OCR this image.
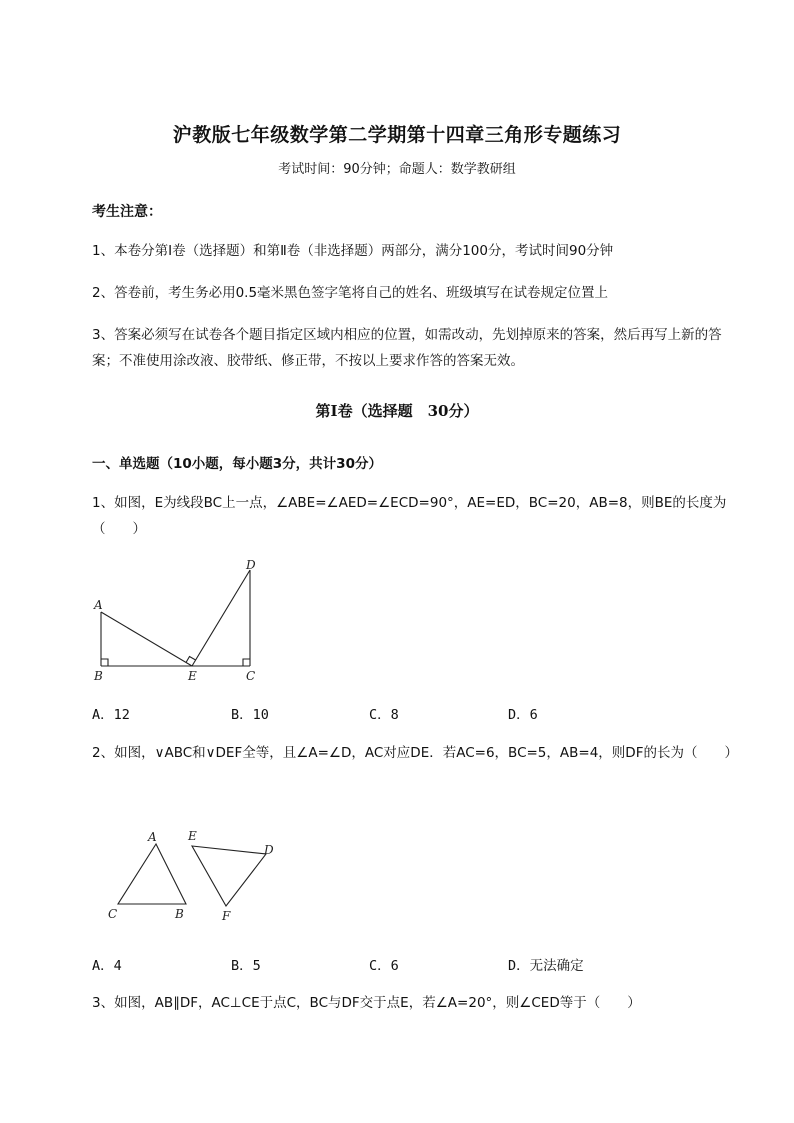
沪教版七年级数学第二学期第十四章三角形专题练习

考试时间：90分钟；命题人：数学教研组

考生注意：

1、本卷分第I卷（选择题）和第Ⅱ卷（非选择题）两部分，满分100分，考试时间90分钟

2、答卷前，考生务必用0.5毫米黑色签字笔将自己的姓名、班级填写在试卷规定位置上

3、答案必须写在试卷各个题目指定区域内相应的位置，如需改动，先划掉原来的答案，然后再写上新的答案；不准使用涂改液、胶带纸、修正带，不按以上要求作答的答案无效。

第I卷（选择题　30分）

一、单选题（10小题，每小题3分，共计30分）

1、如图，E为线段BC上一点，∠ABE=∠AED=∠ECD=90°，AE=ED，BC=20，AB=8，则BE的长度为（　　）

A
B	C
D
E
A．12	B．10	C．8	D．6

2、如图，∨ABC和∨DEF全等，且∠A=∠D，AC对应DE．若AC=6，BC=5，AB=4，则DF的长为（　　）

A
B
C
D
E
F
A．4	B．5	C．6	D．无法确定

3、如图，AB∥DF，AC⊥CE于点C，BC与DF交于点E，若∠A=20°，则∠CED等于（　　）
